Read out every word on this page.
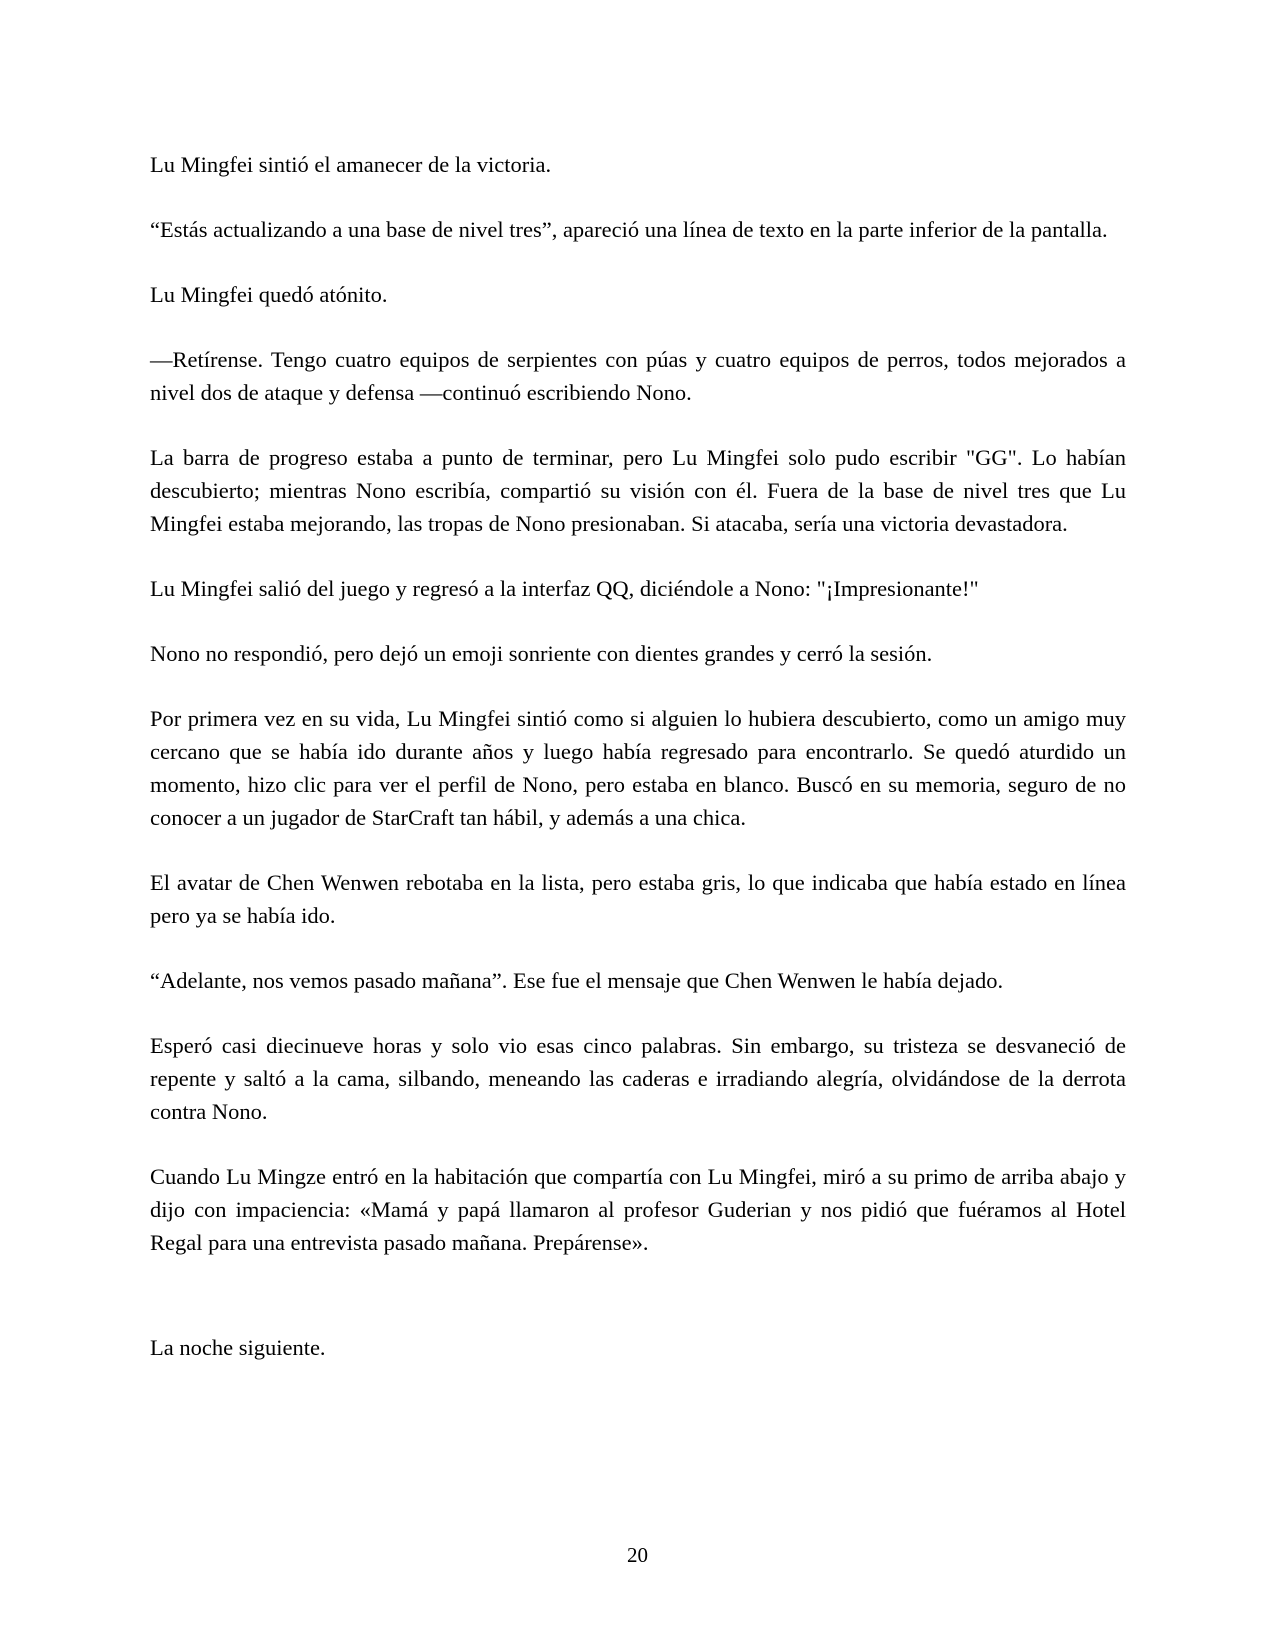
Lu Mingfei sintió el amanecer de la victoria.

“Estás actualizando a una base de nivel tres”, apareció una línea de texto en la parte inferior de la pantalla.

Lu Mingfei quedó atónito.

—Retírense. Tengo cuatro equipos de serpientes con púas y cuatro equipos de perros, todos mejorados a nivel dos de ataque y defensa —continuó escribiendo Nono.

La barra de progreso estaba a punto de terminar, pero Lu Mingfei solo pudo escribir "GG". Lo habían descubierto; mientras Nono escribía, compartió su visión con él. Fuera de la base de nivel tres que Lu Mingfei estaba mejorando, las tropas de Nono presionaban. Si atacaba, sería una victoria devastadora.

Lu Mingfei salió del juego y regresó a la interfaz QQ, diciéndole a Nono: "¡Impresionante!"

Nono no respondió, pero dejó un emoji sonriente con dientes grandes y cerró la sesión.

Por primera vez en su vida, Lu Mingfei sintió como si alguien lo hubiera descubierto, como un amigo muy cercano que se había ido durante años y luego había regresado para encontrarlo. Se quedó aturdido un momento, hizo clic para ver el perfil de Nono, pero estaba en blanco. Buscó en su memoria, seguro de no conocer a un jugador de StarCraft tan hábil, y además a una chica.

El avatar de Chen Wenwen rebotaba en la lista, pero estaba gris, lo que indicaba que había estado en línea pero ya se había ido.

“Adelante, nos vemos pasado mañana”. Ese fue el mensaje que Chen Wenwen le había dejado.

Esperó casi diecinueve horas y solo vio esas cinco palabras. Sin embargo, su tristeza se desvaneció de repente y saltó a la cama, silbando, meneando las caderas e irradiando alegría, olvidándose de la derrota contra Nono.

Cuando Lu Mingze entró en la habitación que compartía con Lu Mingfei, miró a su primo de arriba abajo y dijo con impaciencia: «Mamá y papá llamaron al profesor Guderian y nos pidió que fuéramos al Hotel Regal para una entrevista pasado mañana. Prepárense».

La noche siguiente.

20
